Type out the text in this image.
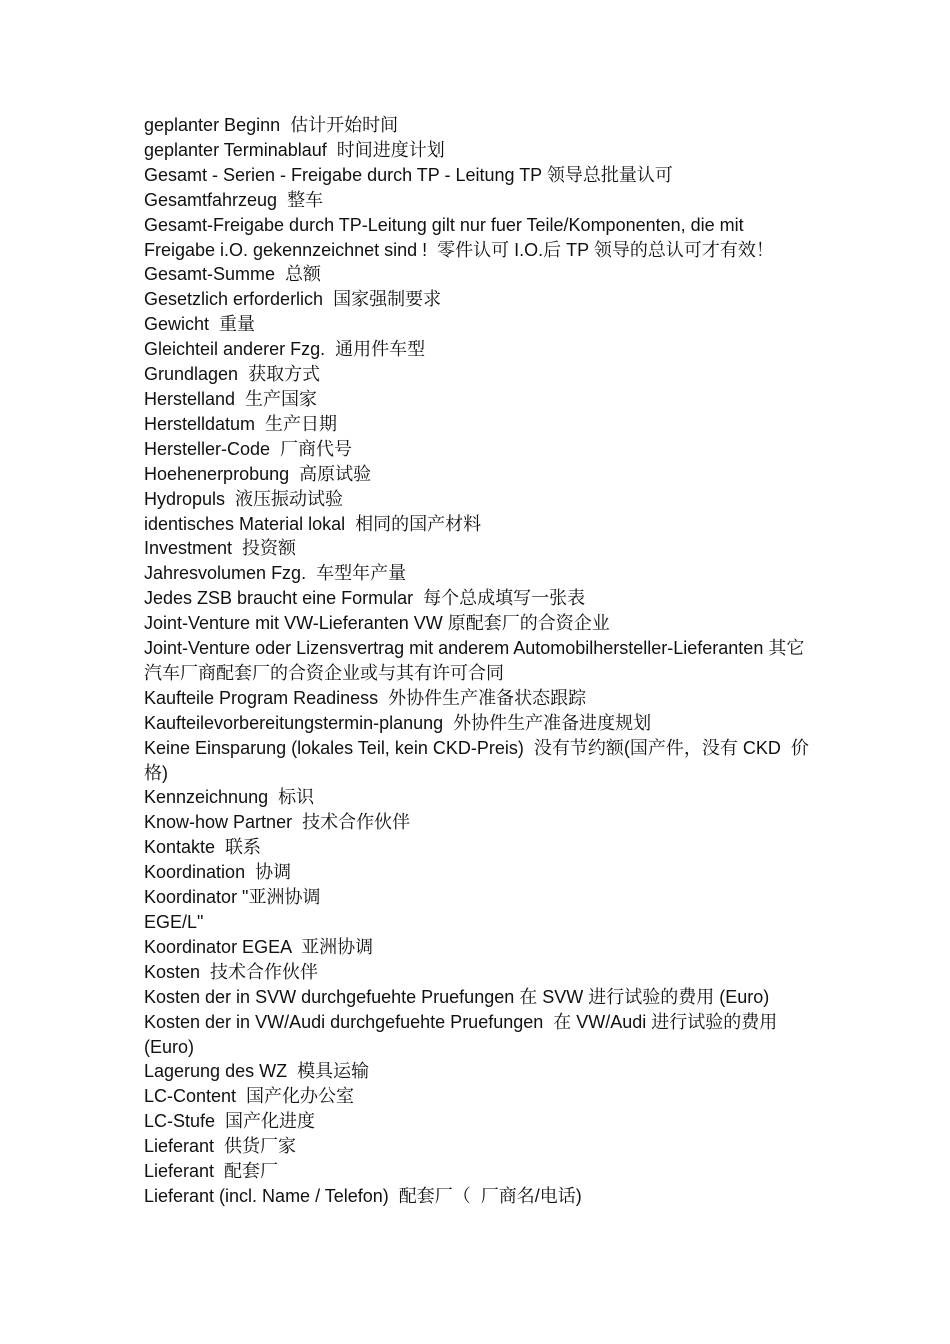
geplanter Beginn  估计开始时间
geplanter Terminablauf  时间进度计划
Gesamt - Serien - Freigabe durch TP - Leitung TP 领导总批量认可
Gesamtfahrzeug  整车
Gesamt-Freigabe durch TP-Leitung gilt nur fuer Teile/Komponenten, die mit Freigabe i.O. gekennzeichnet sind !  零件认可 I.O.后 TP 领导的总认可才有效！
Gesamt-Summe  总额
Gesetzlich erforderlich  国家强制要求
Gewicht  重量
Gleichteil anderer Fzg.  通用件车型
Grundlagen  获取方式
Herstelland  生产国家
Herstelldatum  生产日期
Hersteller-Code  厂商代号
Hoehenerprobung  高原试验
Hydropuls  液压振动试验
identisches Material lokal  相同的国产材料
Investment  投资额
Jahresvolumen Fzg.  车型年产量
Jedes ZSB braucht eine Formular  每个总成填写一张表
Joint-Venture mit VW-Lieferanten VW 原配套厂的合资企业
Joint-Venture oder Lizensvertrag mit anderem Automobilhersteller-Lieferanten 其它汽车厂商配套厂的合资企业或与其有许可合同
Kaufteile Program Readiness  外协件生产准备状态跟踪
Kaufteilevorbereitungstermin-planung  外协件生产准备进度规划
Keine Einsparung (lokales Teil, kein CKD-Preis)  没有节约额(国产件，没有 CKD  价格)
Kennzeichnung  标识
Know-how Partner  技术合作伙伴
Kontakte  联系
Koordination  协调
Koordinator "亚洲协调
EGE/L"
Koordinator EGEA  亚洲协调
Kosten  技术合作伙伴
Kosten der in SVW durchgefuehte Pruefungen 在 SVW 进行试验的费用 (Euro)
Kosten der in VW/Audi durchgefuehte Pruefungen  在 VW/Audi 进行试验的费用(Euro)
Lagerung des WZ  模具运输
LC-Content  国产化办公室
LC-Stufe  国产化进度
Lieferant  供货厂家
Lieferant  配套厂
Lieferant (incl. Name / Telefon)  配套厂（  厂商名/电话)
